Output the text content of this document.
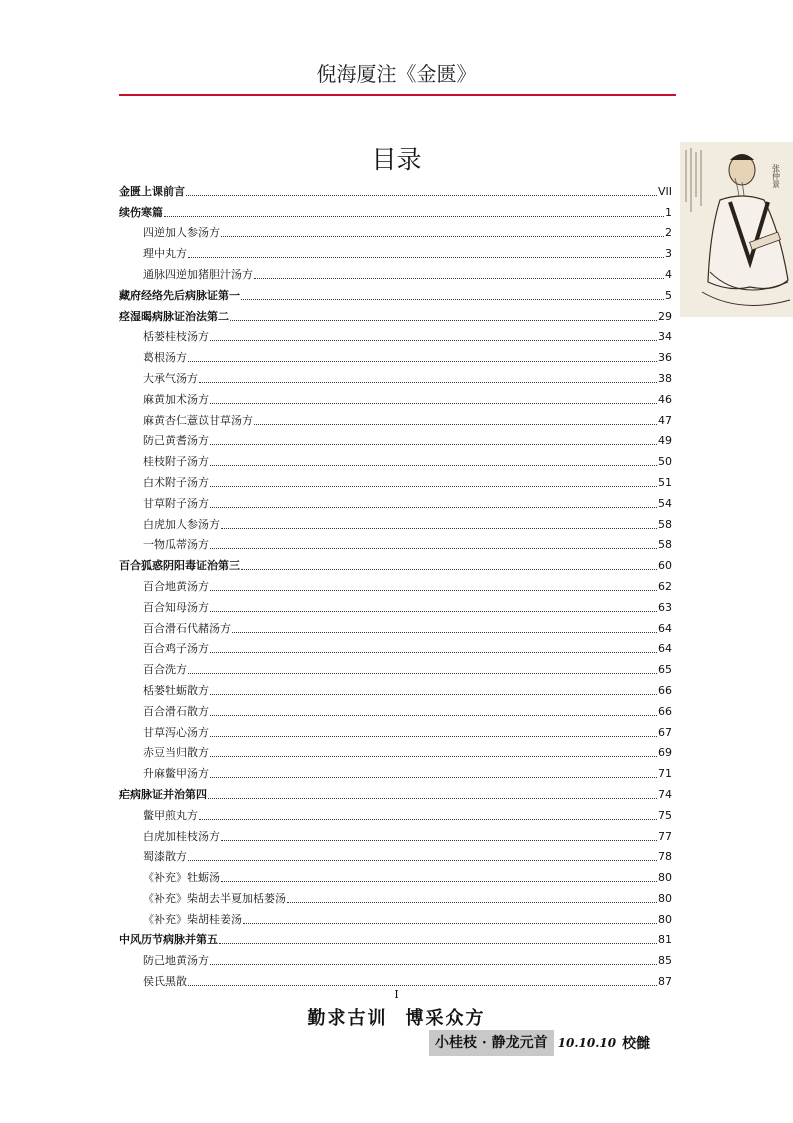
倪海厦注《金匮》
目录
金匮上课前言	VII
续伤寒篇	1
四逆加人参汤方	2
理中丸方	3
通脉四逆加猪胆汁汤方	4
藏府经络先后病脉证第一	5
痉湿暍病脉证治法第二	29
栝蒌桂枝汤方	34
葛根汤方	36
大承气汤方	38
麻黄加术汤方	46
麻黄杏仁薏苡甘草汤方	47
防己黄耆汤方	49
桂枝附子汤方	50
白术附子汤方	51
甘草附子汤方	54
白虎加人参汤方	58
一物瓜蒂汤方	58
百合狐惑阴阳毒证治第三	60
百合地黄汤方	62
百合知母汤方	63
百合滑石代赭汤方	64
百合鸡子汤方	64
百合洗方	65
栝蒌牡蛎散方	66
百合滑石散方	66
甘草泻心汤方	67
赤豆当归散方	69
升麻鳖甲汤方	71
疟病脉证并治第四	74
鳖甲煎丸方	75
白虎加桂枝汤方	77
蜀漆散方	78
《补充》牡蛎汤	80
《补充》柴胡去半夏加栝蒌汤	80
《补充》柴胡桂姜汤	80
中风历节病脉并第五	81
防己地黄汤方	85
侯氏黑散	87
张仲景
I
勤求古训 博采众方
小桂枝 · 静龙元首 10.10.10 校雠
